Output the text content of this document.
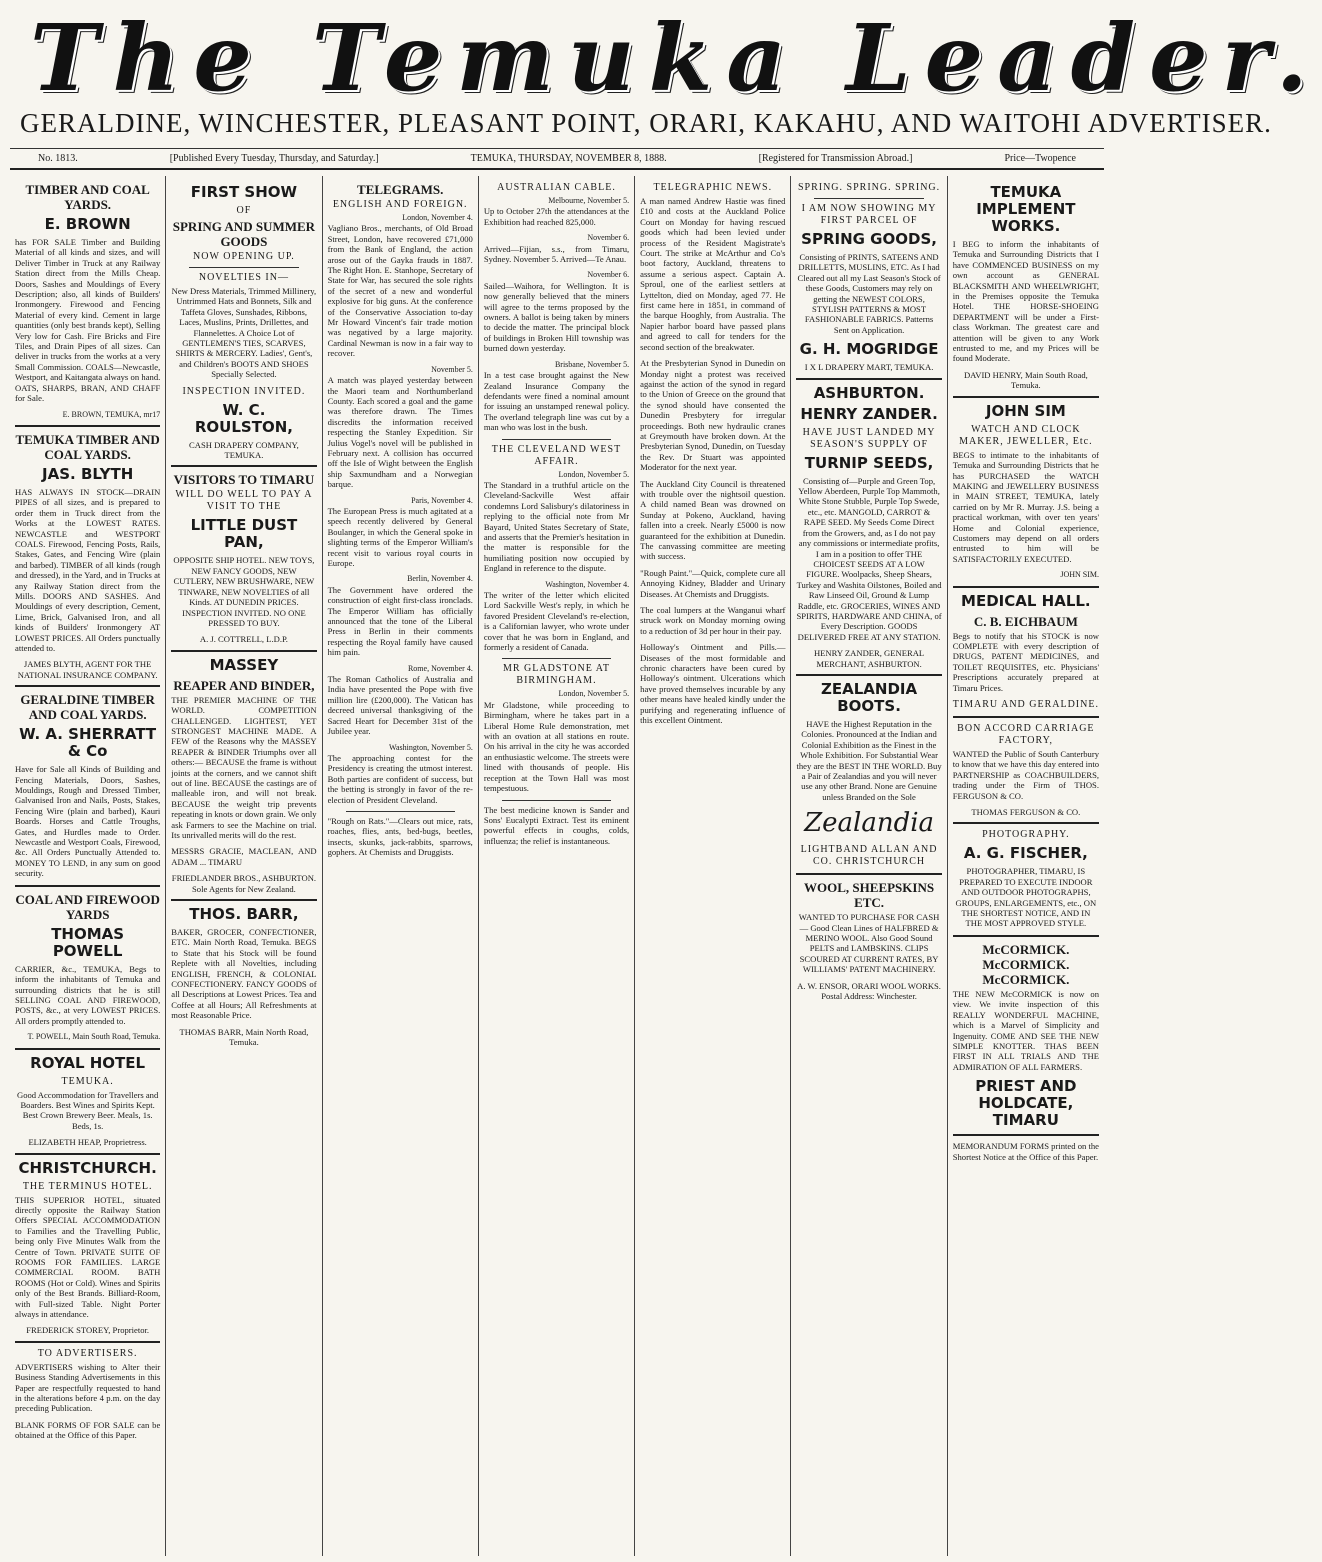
The Temuka Leader.
GERALDINE, WINCHESTER, PLEASANT POINT, ORARI, KAKAHU, AND WAITOHI ADVERTISER.
No. 1813.	[Published Every Tuesday, Thursday, and Saturday.]	TEMUKA, THURSDAY, NOVEMBER 8, 1888.	[Registered for Transmission Abroad.]	Price—Twopence
TIMBER AND COAL YARDS.
E. BROWN
has FOR SALE Timber and Building Material of all kinds and sizes, and will Deliver Timber in Truck at any Railway Station direct from the Mills Cheap. Doors, Sashes and Mouldings of Every Description; also, all kinds of Builders' Ironmongery. Firewood and Fencing Material of every kind. Cement in large quantities (only best brands kept), Selling Very low for Cash. Fire Bricks and Fire Tiles, and Drain Pipes of all sizes. Can deliver in trucks from the works at a very Small Commission. COALS—Newcastle, Westport, and Kaitangata always on hand. OATS, SHARPS, BRAN, AND CHAFF for Sale.
E. BROWN, TEMUKA, mr17
TEMUKA TIMBER AND COAL YARDS.
JAS. BLYTH
HAS ALWAYS IN STOCK—DRAIN PIPES of all sizes, and is prepared to order them in Truck direct from the Works at the LOWEST RATES. NEWCASTLE and WESTPORT COALS. Firewood, Fencing Posts, Rails, Stakes, Gates, and Fencing Wire (plain and barbed). TIMBER of all kinds (rough and dressed), in the Yard, and in Trucks at any Railway Station direct from the Mills. DOORS AND SASHES. And Mouldings of every description, Cement, Lime, Brick, Galvanised Iron, and all kinds of Builders' Ironmongery AT LOWEST PRICES. All Orders punctually attended to.
JAMES BLYTH, AGENT FOR THE NATIONAL INSURANCE COMPANY.
GERALDINE TIMBER AND COAL YARDS.
W. A. SHERRATT & Co
Have for Sale all Kinds of Building and Fencing Materials, Doors, Sashes, Mouldings, Rough and Dressed Timber, Galvanised Iron and Nails, Posts, Stakes, Fencing Wire (plain and barbed), Kauri Boards. Horses and Cattle Troughs, Gates, and Hurdles made to Order. Newcastle and Westport Coals, Firewood, &c. All Orders Punctually Attended to. MONEY TO LEND, in any sum on good security.
COAL AND FIREWOOD YARDS
THOMAS POWELL
CARRIER, &c., TEMUKA, Begs to inform the inhabitants of Temuka and surrounding districts that he is still SELLING COAL AND FIREWOOD, POSTS, &c., at very LOWEST PRICES. All orders promptly attended to.
T. POWELL, Main South Road, Temuka.
ROYAL HOTEL
TEMUKA.
Good Accommodation for Travellers and Boarders. Best Wines and Spirits Kept. Best Crown Brewery Beer. Meals, 1s. Beds, 1s.
ELIZABETH HEAP, Proprietress.
CHRISTCHURCH.
THE TERMINUS HOTEL.
THIS SUPERIOR HOTEL, situated directly opposite the Railway Station Offers SPECIAL ACCOMMODATION to Families and the Travelling Public, being only Five Minutes Walk from the Centre of Town. PRIVATE SUITE OF ROOMS FOR FAMILIES. LARGE COMMERCIAL ROOM. BATH ROOMS (Hot or Cold). Wines and Spirits only of the Best Brands. Billiard-Room, with Full-sized Table. Night Porter always in attendance.
FREDERICK STOREY, Proprietor.
TO ADVERTISERS.
ADVERTISERS wishing to Alter their Business Standing Advertisements in this Paper are respectfully requested to hand in the alterations before 4 p.m. on the day preceding Publication.
BLANK FORMS OF FOR SALE can be obtained at the Office of this Paper.
FIRST SHOW
OF
SPRING AND SUMMER GOODS
NOW OPENING UP.
NOVELTIES IN—
New Dress Materials, Trimmed Millinery, Untrimmed Hats and Bonnets, Silk and Taffeta Gloves, Sunshades, Ribbons, Laces, Muslins, Prints, Drillettes, and Flannelettes. A Choice Lot of GENTLEMEN'S TIES, SCARVES, SHIRTS & MERCERY. Ladies', Gent's, and Children's BOOTS AND SHOES Specially Selected.
INSPECTION INVITED.
W. C. ROULSTON,
CASH DRAPERY COMPANY, TEMUKA.
VISITORS TO TIMARU
WILL DO WELL TO PAY A VISIT TO THE
LITTLE DUST PAN,
OPPOSITE SHIP HOTEL. NEW TOYS, NEW FANCY GOODS, NEW CUTLERY, NEW BRUSHWARE, NEW TINWARE, NEW NOVELTIES of all Kinds. AT DUNEDIN PRICES. INSPECTION INVITED. NO ONE PRESSED TO BUY.
A. J. COTTRELL, L.D.P.
MASSEY
REAPER AND BINDER,
THE PREMIER MACHINE OF THE WORLD. COMPETITION CHALLENGED. LIGHTEST, YET STRONGEST MACHINE MADE. A FEW of the Reasons why the MASSEY REAPER & BINDER Triumphs over all others:— BECAUSE the frame is without joints at the corners, and we cannot shift out of line. BECAUSE the castings are of malleable iron, and will not break. BECAUSE the weight trip prevents repeating in knots or down grain. We only ask Farmers to see the Machine on trial. Its unrivalled merits will do the rest.
MESSRS GRACIE, MACLEAN, AND ADAM ... TIMARU
FRIEDLANDER BROS., ASHBURTON. Sole Agents for New Zealand.
THOS. BARR,
BAKER, GROCER, CONFECTIONER, ETC. Main North Road, Temuka. BEGS to State that his Stock will be found Replete with all Novelties, including ENGLISH, FRENCH, & COLONIAL CONFECTIONERY. FANCY GOODS of all Descriptions at Lowest Prices. Tea and Coffee at all Hours; All Refreshments at most Reasonable Price.
THOMAS BARR, Main North Road, Temuka.
TELEGRAMS.
ENGLISH AND FOREIGN.
London, November 4.
Vagliano Bros., merchants, of Old Broad Street, London, have recovered £71,000 from the Bank of England, the action arose out of the Gayka frauds in 1887. The Right Hon. E. Stanhope, Secretary of State for War, has secured the sole rights of the secret of a new and wonderful explosive for big guns. At the conference of the Conservative Association to-day Mr Howard Vincent's fair trade motion was negatived by a large majority. Cardinal Newman is now in a fair way to recover.
November 5.
A match was played yesterday between the Maori team and Northumberland County. Each scored a goal and the game was therefore drawn. The Times discredits the information received respecting the Stanley Expedition. Sir Julius Vogel's novel will be published in February next. A collision has occurred off the Isle of Wight between the English ship Saxmundham and a Norwegian barque.
Paris, November 4.
The European Press is much agitated at a speech recently delivered by General Boulanger, in which the General spoke in slighting terms of the Emperor William's recent visit to various royal courts in Europe.
Berlin, November 4.
The Government have ordered the construction of eight first-class ironclads. The Emperor William has officially announced that the tone of the Liberal Press in Berlin in their comments respecting the Royal family have caused him pain.
Rome, November 4.
The Roman Catholics of Australia and India have presented the Pope with five million lire (£200,000). The Vatican has decreed universal thanksgiving of the Sacred Heart for December 31st of the Jubilee year.
Washington, November 5.
The approaching contest for the Presidency is creating the utmost interest. Both parties are confident of success, but the betting is strongly in favor of the re-election of President Cleveland.
"Rough on Rats."—Clears out mice, rats, roaches, flies, ants, bed-bugs, beetles, insects, skunks, jack-rabbits, sparrows, gophers. At Chemists and Druggists.
AUSTRALIAN CABLE.
Melbourne, November 5.
Up to October 27th the attendances at the Exhibition had reached 825,000.
November 6.
Arrived—Fijian, s.s., from Timaru, Sydney. November 5. Arrived—Te Anau.
November 6.
Sailed—Waihora, for Wellington. It is now generally believed that the miners will agree to the terms proposed by the owners. A ballot is being taken by miners to decide the matter. The principal block of buildings in Broken Hill township was burned down yesterday.
Brisbane, November 5.
In a test case brought against the New Zealand Insurance Company the defendants were fined a nominal amount for issuing an unstamped renewal policy. The overland telegraph line was cut by a man who was lost in the bush.
THE CLEVELAND WEST AFFAIR.
London, November 5.
The Standard in a truthful article on the Cleveland-Sackville West affair condemns Lord Salisbury's dilatoriness in replying to the official note from Mr Bayard, United States Secretary of State, and asserts that the Premier's hesitation in the matter is responsible for the humiliating position now occupied by England in reference to the dispute.
Washington, November 4.
The writer of the letter which elicited Lord Sackville West's reply, in which he favored President Cleveland's re-election, is a Californian lawyer, who wrote under cover that he was born in England, and formerly a resident of Canada.
MR GLADSTONE AT BIRMINGHAM.
London, November 5.
Mr Gladstone, while proceeding to Birmingham, where he takes part in a Liberal Home Rule demonstration, met with an ovation at all stations en route. On his arrival in the city he was accorded an enthusiastic welcome. The streets were lined with thousands of people. His reception at the Town Hall was most tempestuous.
The best medicine known is Sander and Sons' Eucalypti Extract. Test its eminent powerful effects in coughs, colds, influenza; the relief is instantaneous.
TELEGRAPHIC NEWS.
A man named Andrew Hastie was fined £10 and costs at the Auckland Police Court on Monday for having rescued goods which had been levied under process of the Resident Magistrate's Court. The strike at McArthur and Co's boot factory, Auckland, threatens to assume a serious aspect. Captain A. Sproul, one of the earliest settlers at Lyttelton, died on Monday, aged 77. He first came here in 1851, in command of the barque Hooghly, from Australia. The Napier harbor board have passed plans and agreed to call for tenders for the second section of the breakwater.
At the Presbyterian Synod in Dunedin on Monday night a protest was received against the action of the synod in regard to the Union of Greece on the ground that the synod should have consented the Dunedin Presbytery for irregular proceedings. Both new hydraulic cranes at Greymouth have broken down. At the Presbyterian Synod, Dunedin, on Tuesday the Rev. Dr Stuart was appointed Moderator for the next year.
The Auckland City Council is threatened with trouble over the nightsoil question. A child named Bean was drowned on Sunday at Pokeno, Auckland, having fallen into a creek. Nearly £5000 is now guaranteed for the exhibition at Dunedin. The canvassing committee are meeting with success.
"Rough Paint."—Quick, complete cure all Annoying Kidney, Bladder and Urinary Diseases. At Chemists and Druggists.
The coal lumpers at the Wanganui wharf struck work on Monday morning owing to a reduction of 3d per hour in their pay.
Holloway's Ointment and Pills.—Diseases of the most formidable and chronic characters have been cured by Holloway's ointment. Ulcerations which have proved themselves incurable by any other means have healed kindly under the purifying and regenerating influence of this excellent Ointment.
SPRING. SPRING. SPRING.
I AM NOW SHOWING MY FIRST PARCEL OF
SPRING GOODS,
Consisting of PRINTS, SATEENS AND DRILLETTS, MUSLINS, ETC. As I had Cleared out all my Last Season's Stock of these Goods, Customers may rely on getting the NEWEST COLORS, STYLISH PATTERNS & MOST FASHIONABLE FABRICS. Patterns Sent on Application.
G. H. MOGRIDGE
I X L DRAPERY MART, TEMUKA.
ASHBURTON.
HENRY ZANDER.
HAVE JUST LANDED MY SEASON'S SUPPLY OF
TURNIP SEEDS,
Consisting of—Purple and Green Top, Yellow Aberdeen, Purple Top Mammoth, White Stone Stubble, Purple Top Swede, etc., etc. MANGOLD, CARROT & RAPE SEED. My Seeds Come Direct from the Growers, and, as I do not pay any commissions or intermediate profits, I am in a position to offer THE CHOICEST SEEDS AT A LOW FIGURE. Woolpacks, Sheep Shears, Turkey and Washita Oilstones, Boiled and Raw Linseed Oil, Ground & Lump Raddle, etc. GROCERIES, WINES AND SPIRITS, HARDWARE AND CHINA, of Every Description. GOODS DELIVERED FREE AT ANY STATION.
HENRY ZANDER, GENERAL MERCHANT, ASHBURTON.
ZEALANDIA BOOTS.
HAVE the Highest Reputation in the Colonies. Pronounced at the Indian and Colonial Exhibition as the Finest in the Whole Exhibition. For Substantial Wear they are the BEST IN THE WORLD. Buy a Pair of Zealandias and you will never use any other Brand. None are Genuine unless Branded on the Sole
Zealandia
LIGHTBAND ALLAN AND CO. CHRISTCHURCH
WOOL, SHEEPSKINS ETC.
WANTED TO PURCHASE FOR CASH — Good Clean Lines of HALFBRED & MERINO WOOL. Also Good Sound PELTS and LAMBSKINS. CLIPS SCOURED AT CURRENT RATES, BY WILLIAMS' PATENT MACHINERY.
A. W. ENSOR, ORARI WOOL WORKS. Postal Address: Winchester.
TEMUKA IMPLEMENT WORKS.
I BEG to inform the inhabitants of Temuka and Surrounding Districts that I have COMMENCED BUSINESS on my own account as GENERAL BLACKSMITH AND WHEELWRIGHT, in the Premises opposite the Temuka Hotel. THE HORSE-SHOEING DEPARTMENT will be under a First-class Workman. The greatest care and attention will be given to any Work entrusted to me, and my Prices will be found Moderate.
DAVID HENRY, Main South Road, Temuka.
JOHN SIM
WATCH AND CLOCK MAKER, JEWELLER, Etc.
BEGS to intimate to the inhabitants of Temuka and Surrounding Districts that he has PURCHASED the WATCH MAKING and JEWELLERY BUSINESS in MAIN STREET, TEMUKA, lately carried on by Mr R. Murray. J.S. being a practical workman, with over ten years' Home and Colonial experience, Customers may depend on all orders entrusted to him will be SATISFACTORILY EXECUTED.
JOHN SIM.
MEDICAL HALL.
C. B. EICHBAUM
Begs to notify that his STOCK is now COMPLETE with every description of DRUGS, PATENT MEDICINES, and TOILET REQUISITES, etc. Physicians' Prescriptions accurately prepared at Timaru Prices.
TIMARU AND GERALDINE.
BON ACCORD CARRIAGE FACTORY,
WANTED the Public of South Canterbury to know that we have this day entered into PARTNERSHIP as COACHBUILDERS, trading under the Firm of THOS. FERGUSON & CO.
THOMAS FERGUSON & CO.
PHOTOGRAPHY.
A. G. FISCHER,
PHOTOGRAPHER, TIMARU, IS PREPARED TO EXECUTE INDOOR AND OUTDOOR PHOTOGRAPHS, GROUPS, ENLARGEMENTS, etc., ON THE SHORTEST NOTICE, AND IN THE MOST APPROVED STYLE.
McCORMICK. McCORMICK. McCORMICK.
THE NEW McCORMICK is now on view. We invite inspection of this REALLY WONDERFUL MACHINE, which is a Marvel of Simplicity and Ingenuity. COME AND SEE THE NEW SIMPLE KNOTTER. THAS BEEN FIRST IN ALL TRIALS AND THE ADMIRATION OF ALL FARMERS.
PRIEST AND HOLDCATE, TIMARU
MEMORANDUM FORMS printed on the Shortest Notice at the Office of this Paper.
